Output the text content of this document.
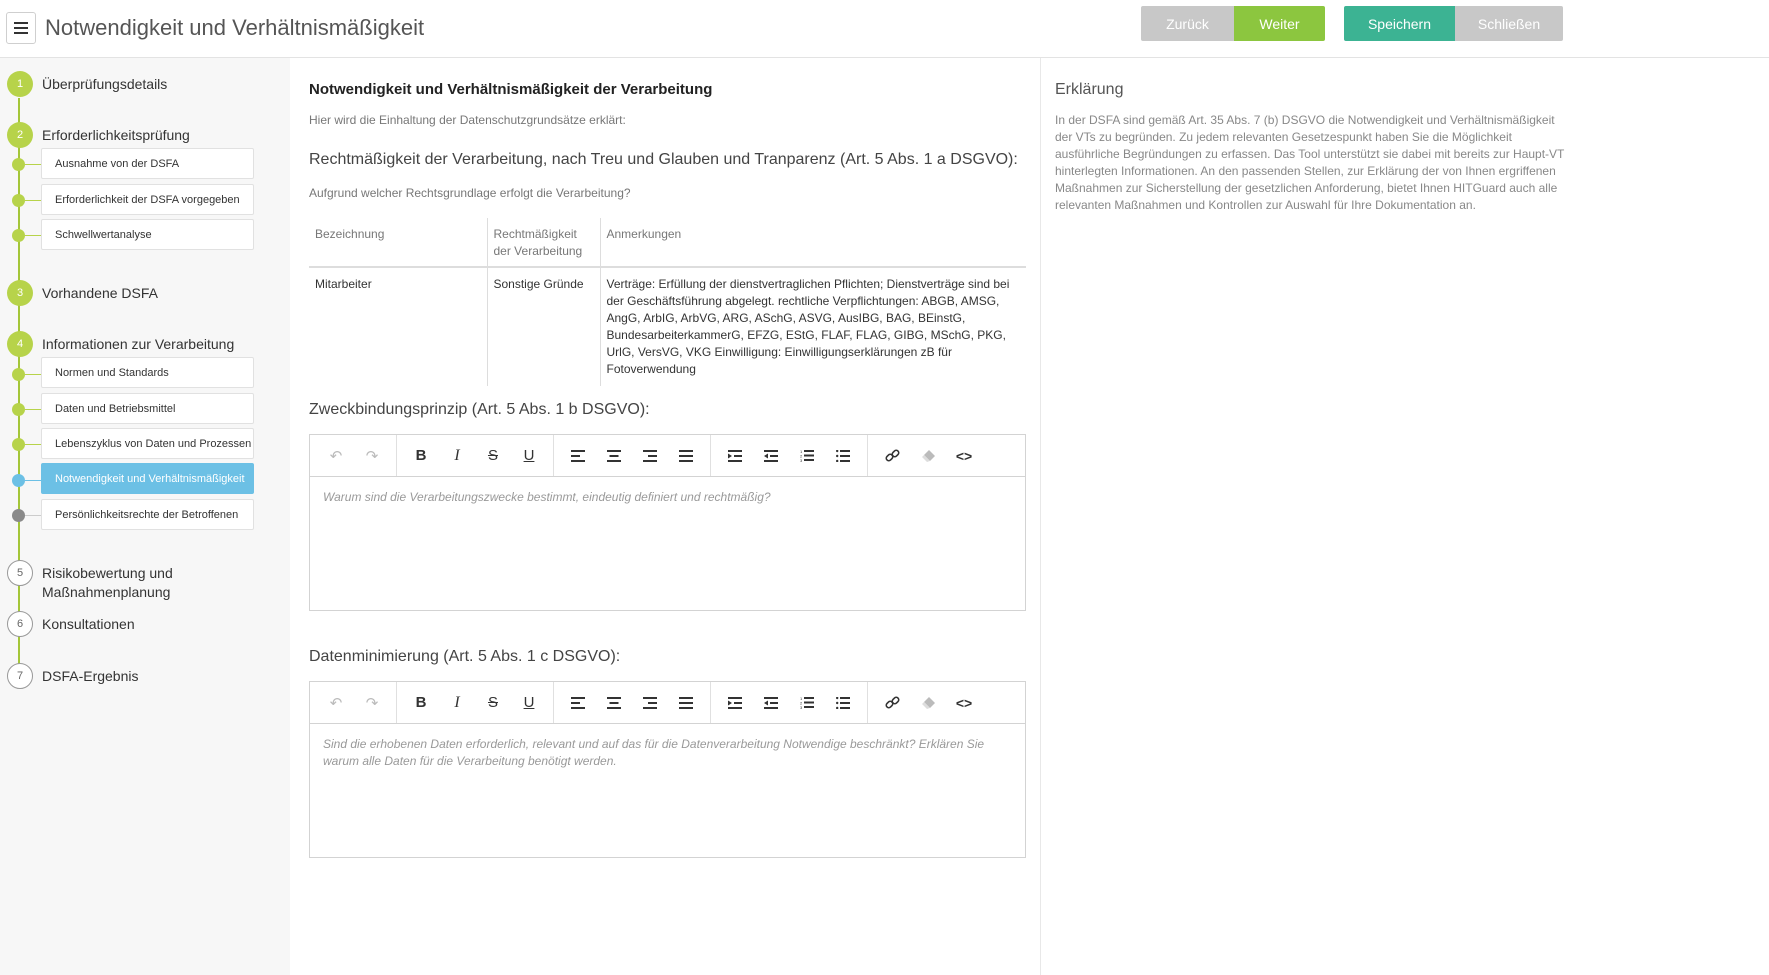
Notwendigkeit und Verhältnismäßigkeit	Zurück	Weiter	Speichern	Schließen
1	Überprüfungsdetails
2	Erforderlichkeitsprüfung
Ausnahme von der DSFA
Erforderlichkeit der DSFA vorgegeben
Schwellwertanalyse
3	Vorhandene DSFA
4	Informationen zur Verarbeitung
Normen und Standards
Daten und Betriebsmittel
Lebenszyklus von Daten und Prozessen
Notwendigkeit und Verhältnismäßigkeit
Persönlichkeitsrechte der Betroffenen
5	Risikobewertung und Maßnahmenplanung
6	Konsultationen
7	DSFA-Ergebnis
Notwendigkeit und Verhältnismäßigkeit der Verarbeitung
Hier wird die Einhaltung der Datenschutzgrundsätze erklärt:
Rechtmäßigkeit der Verarbeitung, nach Treu und Glauben und Tranparenz (Art. 5 Abs. 1 a DSGVO):
Aufgrund welcher Rechtsgrundlage erfolgt die Verarbeitung?
Bezeichnung	Rechtmäßigkeit der Verarbeitung	Anmerkungen
Mitarbeiter	Sonstige Gründe	Verträge: Erfüllung der dienstvertraglichen Pflichten; Dienstverträge sind bei der Geschäftsführung abgelegt. rechtliche Verpflichtungen: ABGB, AMSG, AngG, ArbIG, ArbVG, ARG, ASchG, ASVG, AusIBG, BAG, BEinstG, BundesarbeiterkammerG, EFZG, EStG, FLAF, FLAG, GIBG, MSchG, PKG, UrlG, VersVG, VKG Einwilligung: Einwilligungserklärungen zB für Fotoverwendung
Zweckbindungsprinzip (Art. 5 Abs. 1 b DSGVO):
↶	↷	B	I	S	U	1
2
3	<>
Warum sind die Verarbeitungszwecke bestimmt, eindeutig definiert und rechtmäßig?
Datenminimierung (Art. 5 Abs. 1 c DSGVO):
↶	↷	B	I	S	U	1
2
3	<>
Sind die erhobenen Daten erforderlich, relevant und auf das für die Datenverarbeitung Notwendige beschränkt? Erklären Sie warum alle Daten für die Verarbeitung benötigt werden.
Erklärung
In der DSFA sind gemäß Art. 35 Abs. 7 (b) DSGVO die Notwendigkeit und Verhältnismäßigkeit der VTs zu begründen. Zu jedem relevanten Gesetzespunkt haben Sie die Möglichkeit ausführliche Begründungen zu erfassen. Das Tool unterstützt sie dabei mit bereits zur Haupt-VT hinterlegten Informationen. An den passenden Stellen, zur Erklärung der von Ihnen ergriffenen Maßnahmen zur Sicherstellung der gesetzlichen Anforderung, bietet Ihnen HITGuard auch alle relevanten Maßnahmen und Kontrollen zur Auswahl für Ihre Dokumentation an.
